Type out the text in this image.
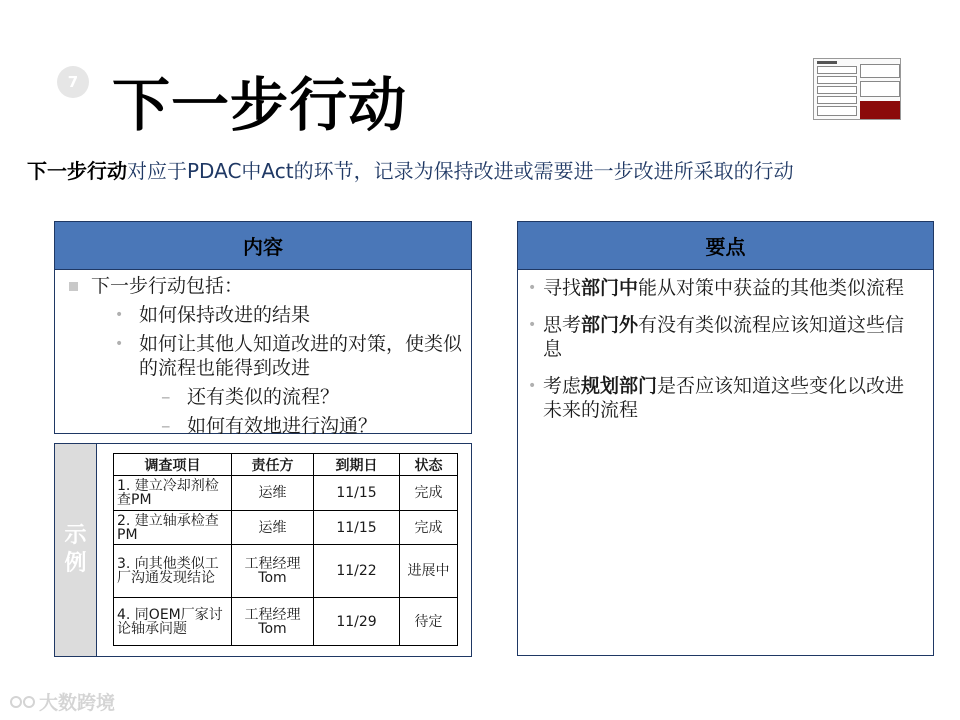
7 下一步行动
下一步行动对应于PDAC中Act的环节，记录为保持改进或需要进一步改进所采取的行动
内容
下一步行动包括：
• 如何保持改进的结果
• 如何让其他人知道改进的对策，使类似的流程也能得到改进
– 还有类似的流程？
– 如何有效地进行沟通？
要点
• 寻找部门中能从对策中获益的其他类似流程
• 思考部门外有没有类似流程应该知道这些信息
• 考虑规划部门是否应该知道这些变化以改进未来的流程
示例
调查项目	责任方	到期日	状态
1. 建立冷却剂检查PM	运维	11/15	完成
2. 建立轴承检查PM	运维	11/15	完成
3. 向其他类似工厂沟通发现结论	工程经理Tom	11/22	进展中
4. 同OEM厂家讨论轴承问题	工程经理Tom	11/29	待定
大数跨境
